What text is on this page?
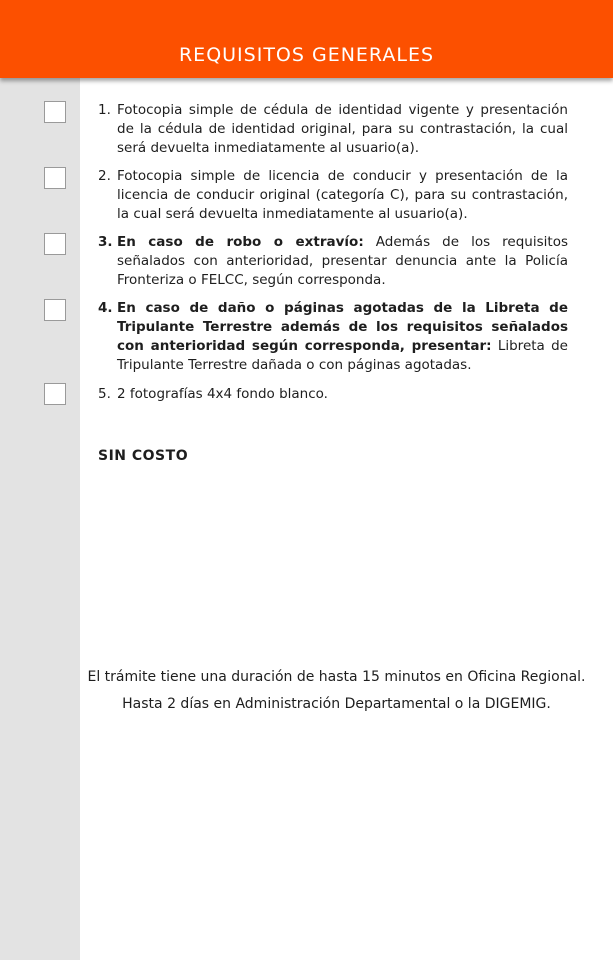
REQUISITOS GENERALES
1. Fotocopia simple de cédula de identidad vigente y presentación de la cédula de identidad original, para su contrastación, la cual será devuelta inmediatamente al usuario(a).
2. Fotocopia simple de licencia de conducir y presentación de la licencia de conducir original (categoría C), para su contrastación, la cual será devuelta inmediatamente al usuario(a).
3. En caso de robo o extravío: Además de los requisitos señalados con anterioridad, presentar denuncia ante la Policía Fronteriza o FELCC, según corresponda.
4. En caso de daño o páginas agotadas de la Libreta de Tripulante Terrestre además de los requisitos señalados con anterioridad según corresponda, presentar: Libreta de Tripulante Terrestre dañada o con páginas agotadas.
5. 2 fotografías 4x4 fondo blanco.
SIN COSTO
El trámite tiene una duración de hasta 15 minutos en Oficina Regional.
Hasta 2 días en Administración Departamental o la DIGEMIG.
